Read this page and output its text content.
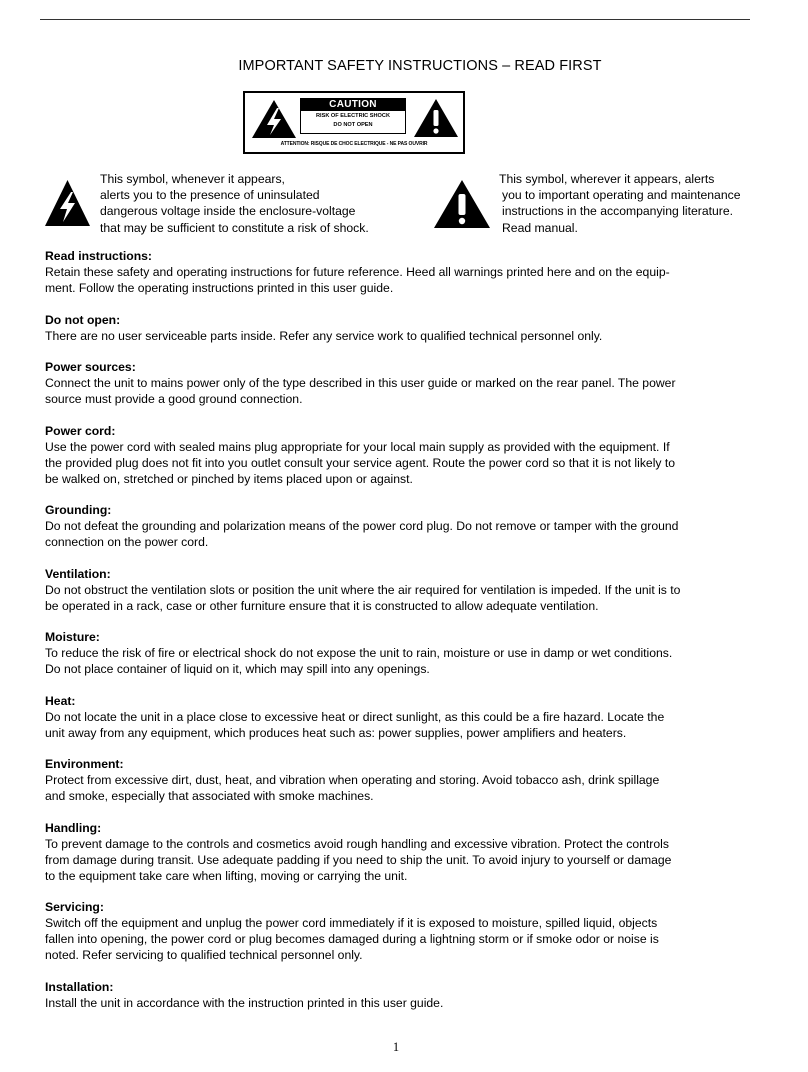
IMPORTANT SAFETY INSTRUCTIONS – READ FIRST
CAUTION
RISK OF ELECTRIC SHOCK
DO NOT OPEN
ATTENTION: RISQUE DE CHOC ELECTRIQUE - NE PAS OUVRIR
This symbol, whenever it appears,
alerts you to the presence of uninsulated
dangerous voltage inside the enclosure-voltage
that may be sufficient to constitute a risk of shock.
This symbol, wherever it appears, alerts
you to important operating and maintenance
instructions in the accompanying literature.
Read manual.
Read instructions:

Retain these safety and operating instructions for future reference. Heed all warnings printed here and on the equip-
ment. Follow the operating instructions printed in this user guide.

Do not open:

There are no user serviceable parts inside. Refer any service work to qualified technical personnel only.

Power sources:

Connect the unit to mains power only of the type described in this user guide or marked on the rear panel. The power
source must provide a good ground connection.

Power cord:

Use the power cord with sealed mains plug appropriate for your local main supply as provided with the equipment. If
the provided plug does not fit into you outlet consult your service agent. Route the power cord so that it is not likely to
be walked on, stretched or pinched by items placed upon or against.

Grounding:

Do not defeat the grounding and polarization means of the power cord plug. Do not remove or tamper with the ground
connection on the power cord.

Ventilation:

Do not obstruct the ventilation slots or position the unit where the air required for ventilation is impeded. If the unit is to
be operated in a rack, case or other furniture ensure that it is constructed to allow adequate ventilation.

Moisture:

To reduce the risk of fire or electrical shock do not expose the unit to rain, moisture or use in damp or wet conditions.
Do not place container of liquid on it, which may spill into any openings.

Heat:

Do not locate the unit in a place close to excessive heat or direct sunlight, as this could be a fire hazard. Locate the
unit away from any equipment, which produces heat such as: power supplies, power amplifiers and heaters.

Environment:

Protect from excessive dirt, dust, heat, and vibration when operating and storing. Avoid tobacco ash, drink spillage
and smoke, especially that associated with smoke machines.

Handling:

To prevent damage to the controls and cosmetics avoid rough handling and excessive vibration. Protect the controls
from damage during transit. Use adequate padding if you need to ship the unit. To avoid injury to yourself or damage
to the equipment take care when lifting, moving or carrying the unit.

Servicing:

Switch off the equipment and unplug the power cord immediately if it is exposed to moisture, spilled liquid, objects
fallen into opening, the power cord or plug becomes damaged during a lightning storm or if smoke odor or noise is
noted. Refer servicing to qualified technical personnel only.

Installation:

Install the unit in accordance with the instruction printed in this user guide.

1
